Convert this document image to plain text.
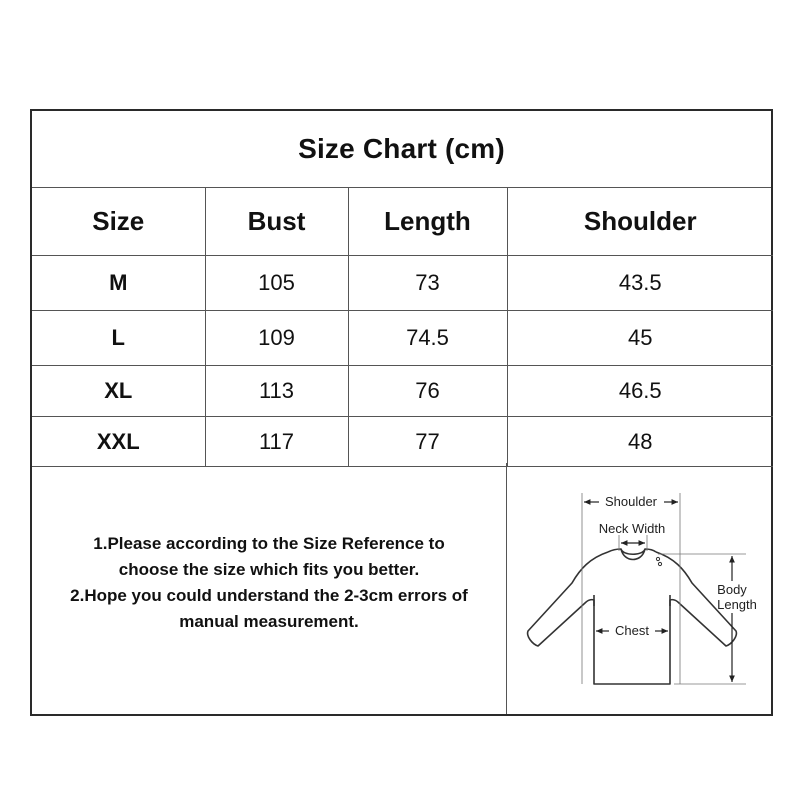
Size Chart (cm)
Size	Bust	Length	Shoulder
M	105	73	43.5
L	109	74.5	45
XL	113	76	46.5
XXL	117	77	48
1.Please according to the Size Reference to
choose the size which fits you better.
2.Hope you could understand the 2-3cm errors of
manual measurement.
Shoulder
Neck Width
Chest
Body
Length
